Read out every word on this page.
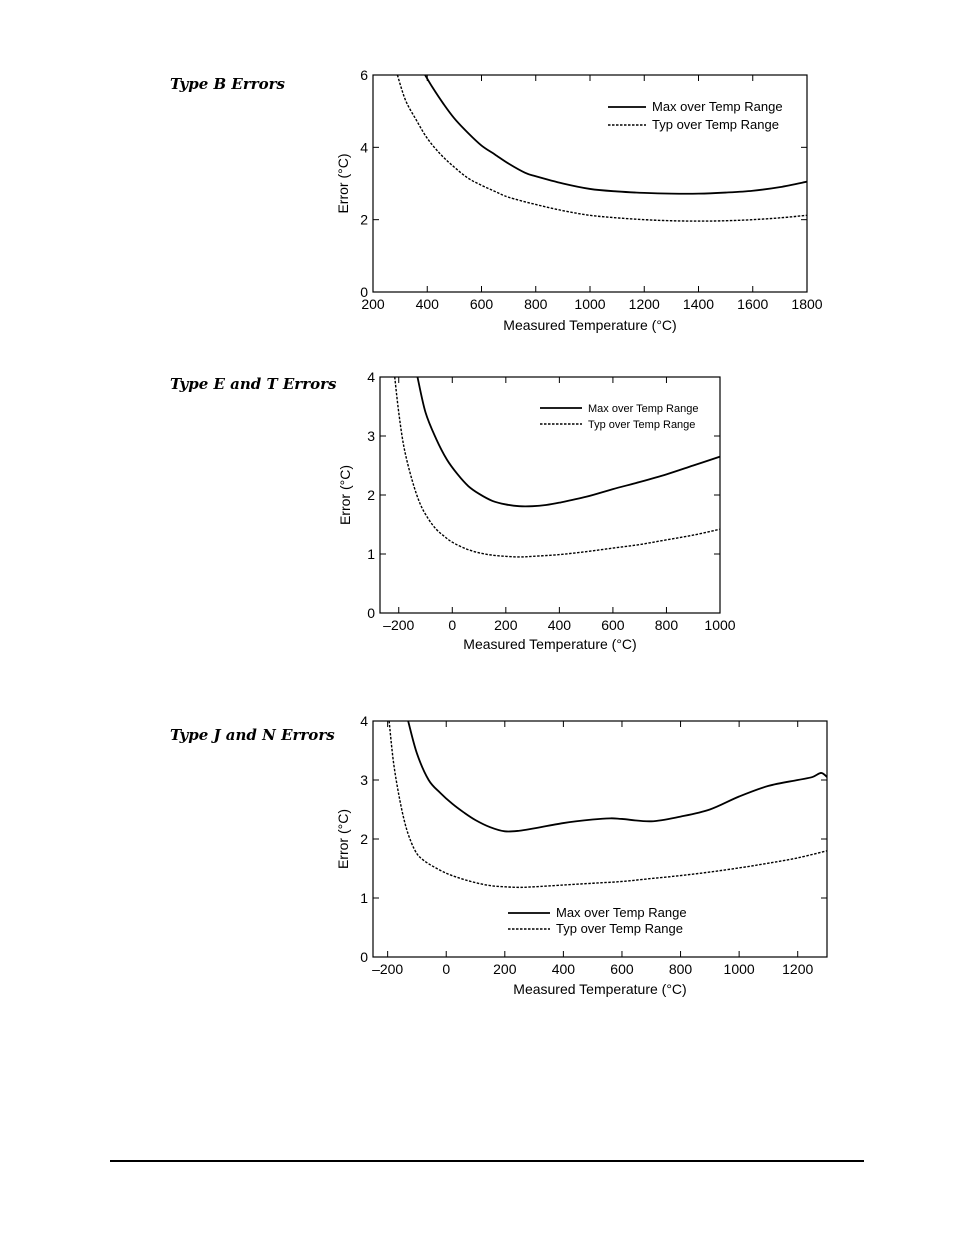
Type B Errors
Type E and T Errors
Type J and N Errors
200 400 600 800 1000 1200 1400 1600 1800
0
2
4
6
Measured Temperature (°C)
Error (°C)
Max over Temp Range
Typ over Temp Range
–200 0	200 400 600 800 1000
0
1
2
3
4
Measured Temperature (°C)
Error (°C)
Max over Temp Range
Typ over Temp Range
–200	0	200	400	600	800 1000 1200
0
1
2
3
4
Measured Temperature (°C)
Error (°C)
Max over Temp Range
Typ over Temp Range
